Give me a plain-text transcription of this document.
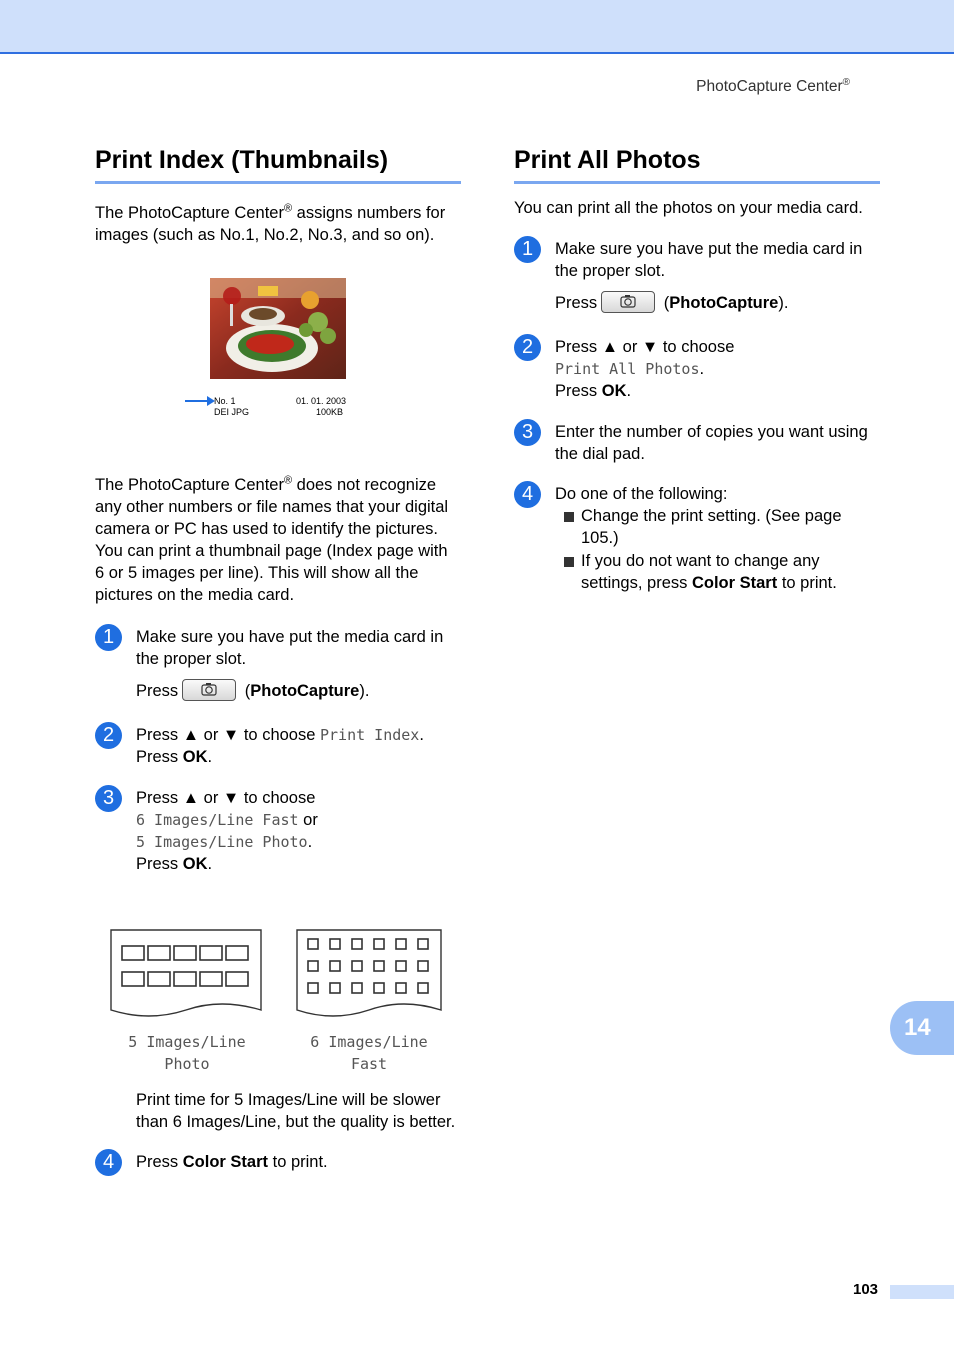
PhotoCapture Center®
Print Index (Thumbnails)

The PhotoCapture Center® assigns numbers for images (such as No.1, No.2, No.3, and so on).

No. 1
DEI JPG
01. 01. 2003
100KB

The PhotoCapture Center® does not recognize any other numbers or file names that your digital camera or PC has used to identify the pictures. You can print a thumbnail page (Index page with 6 or 5 images per line). This will show all the pictures on the media card.

1	Make sure you have put the media card in the proper slot.

Press	(PhotoCapture).

2	Press ▲ or ▼ to choose Print Index.

Press OK.

3	Press ▲ or ▼ to choose

6 Images/Line Fast or

5 Images/Line Photo.

Press OK.

5 Images/Line
Photo
6 Images/Line
Fast

Print time for 5 Images/Line will be slower than 6 Images/Line, but the quality is better.

4	Press Color Start to print.

Print All Photos

You can print all the photos on your media card.

1	Make sure you have put the media card in the proper slot.

Press	(PhotoCapture).

2	Press ▲ or ▼ to choose

Print All Photos.

Press OK.

3	Enter the number of copies you want using the dial pad.

4	Do one of the following:

Change the print setting. (See page 105.)

If you do not want to change any settings, press Color Start to print.

14
103
